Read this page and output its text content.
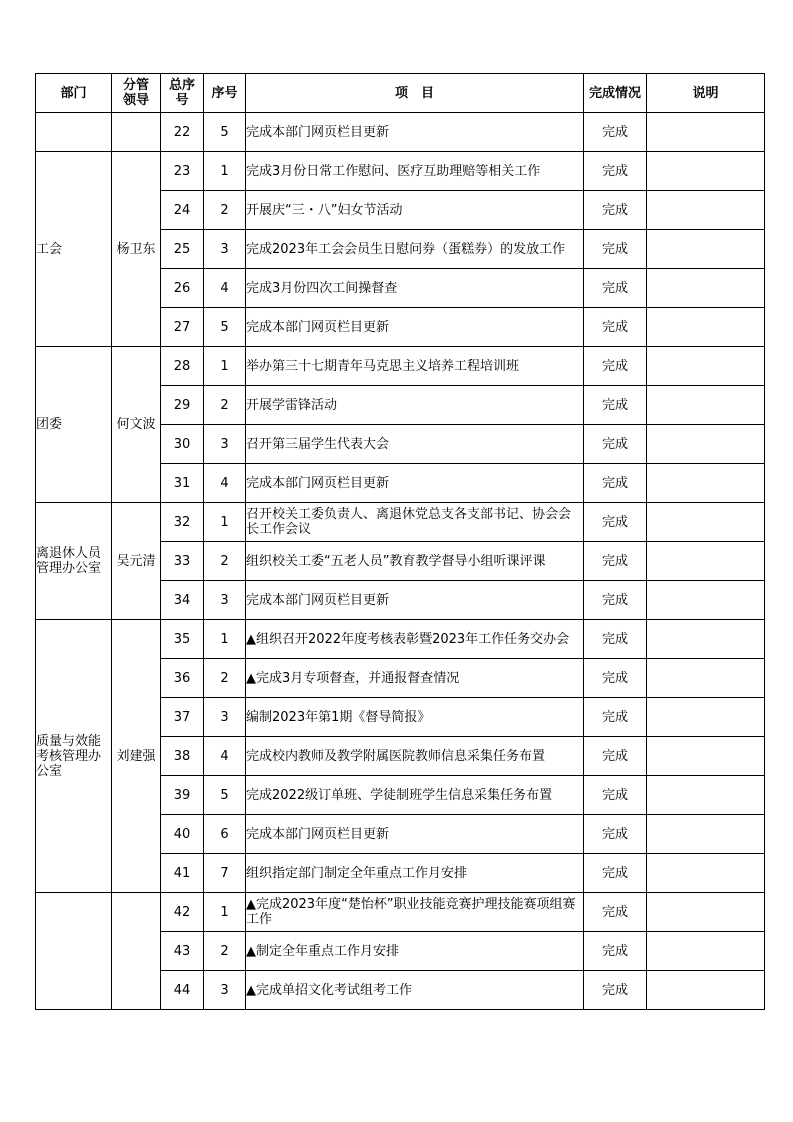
部门	分管领导	总序号	序号	项　目	完成情况	说明
		22	5	完成本部门网页栏目更新	完成	
工会	杨卫东	23	1	完成3月份日常工作慰问、医疗互助理赔等相关工作	完成	
		24	2	开展庆“三・八”妇女节活动	完成	
		25	3	完成2023年工会会员生日慰问券（蛋糕券）的发放工作	完成	
		26	4	完成3月份四次工间操督查	完成	
		27	5	完成本部门网页栏目更新	完成	
团委	何文波	28	1	举办第三十七期青年马克思主义培养工程培训班	完成	
		29	2	开展学雷锋活动	完成	
		30	3	召开第三届学生代表大会	完成	
		31	4	完成本部门网页栏目更新	完成	
离退休人员管理办公室	吴元清	32	1	召开校关工委负责人、离退休党总支各支部书记、协会会长工作会议	完成	
		33	2	组织校关工委“五老人员”教育教学督导小组听课评课	完成	
		34	3	完成本部门网页栏目更新	完成	
质量与效能考核管理办公室	刘建强	35	1	▲组织召开2022年度考核表彰暨2023年工作任务交办会	完成	
		36	2	▲完成3月专项督查，并通报督查情况	完成	
		37	3	编制2023年第1期《督导简报》	完成	
		38	4	完成校内教师及教学附属医院教师信息采集任务布置	完成	
		39	5	完成2022级订单班、学徒制班学生信息采集任务布置	完成	
		40	6	完成本部门网页栏目更新	完成	
		41	7	组织指定部门制定全年重点工作月安排	完成	
		42	1	▲完成2023年度“楚怡杯”职业技能竞赛护理技能赛项组赛工作	完成	
		43	2	▲制定全年重点工作月安排	完成	
		44	3	▲完成单招文化考试组考工作	完成	
